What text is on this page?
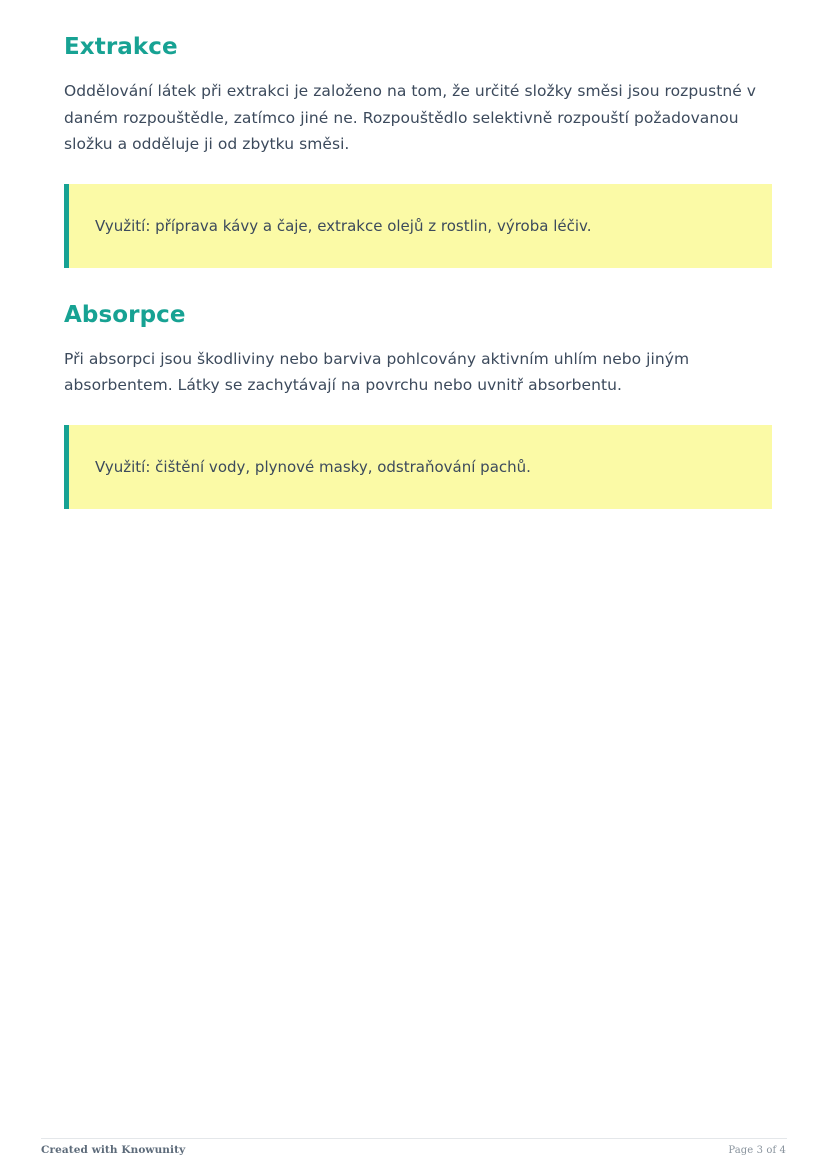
Extrakce

Oddělování látek při extrakci je založeno na tom, že určité složky směsi jsou rozpustné v daném rozpouštědle, zatímco jiné ne. Rozpouštědlo selektivně rozpouští požadovanou složku a odděluje ji od zbytku směsi.

Využití: příprava kávy a čaje, extrakce olejů z rostlin, výroba léčiv.
Absorpce

Při absorpci jsou škodliviny nebo barviva pohlcovány aktivním uhlím nebo jiným absorbentem. Látky se zachytávají na povrchu nebo uvnitř absorbentu.

Využití: čištění vody, plynové masky, odstraňování pachů.
Created with Knowunity	Page 3 of 4
